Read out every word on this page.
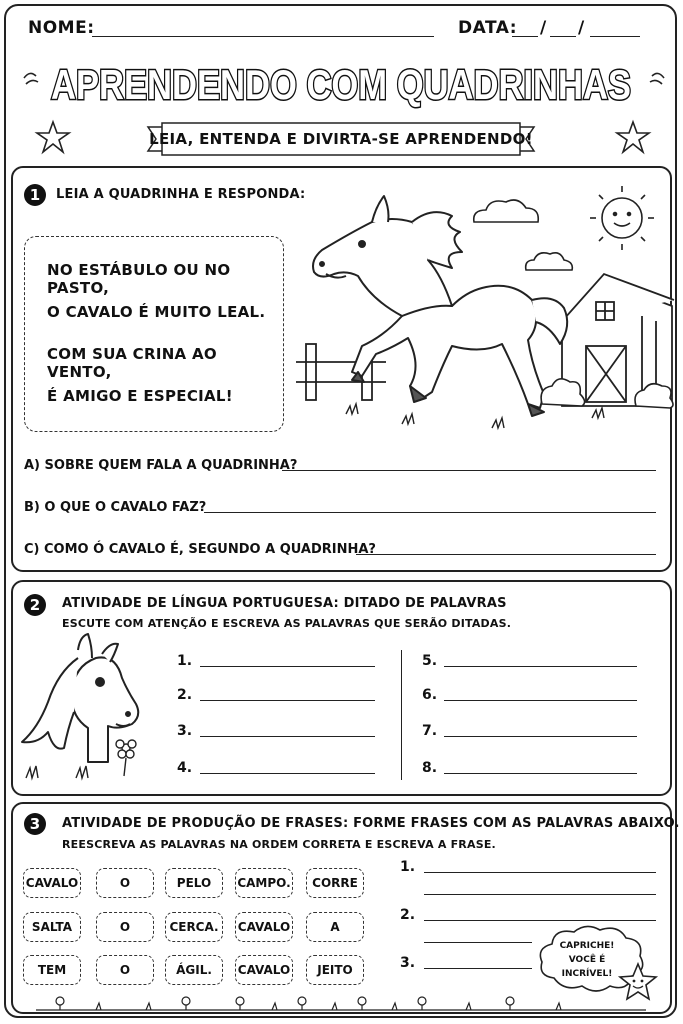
NOME:	DATA: / /
APRENDENDO COM QUADRINHAS
LEIA, ENTENDA E DIVIRTA-SE APRENDENDO!
1	LEIA A QUADRINHA E RESPONDA:
NO ESTÁBULO OU NO PASTO,
O CAVALO É MUITO LEAL.
COM SUA CRINA AO VENTO,
É AMIGO E ESPECIAL!
A) SOBRE QUEM FALA A QUADRINHA?
B) O QUE O CAVALO FAZ?
C) COMO Ó CAVALO É, SEGUNDO A QUADRINHA?
2	ATIVIDADE DE LÍNGUA PORTUGUESA: DITADO DE PALAVRAS
ESCUTE COM ATENÇÃO E ESCREVA AS PALAVRAS QUE SERÃO DITADAS.
1.
2.
3.
4.
5.
6.
7.
8.
3	ATIVIDADE DE PRODUÇÃO DE FRASES: FORME FRASES COM AS PALAVRAS ABAIXO.
REESCREVA AS PALAVRAS NA ORDEM CORRETA E ESCREVA A FRASE.
CAVALO	O	PELO	CAMPO.	CORRE
SALTA	O	CERCA.	CAVALO	A
TEM	O	ÁGIL.	CAVALO	JEITO
1.
2.
3.
CAPRICHE!
VOCÊ É
INCRÍVEL!
